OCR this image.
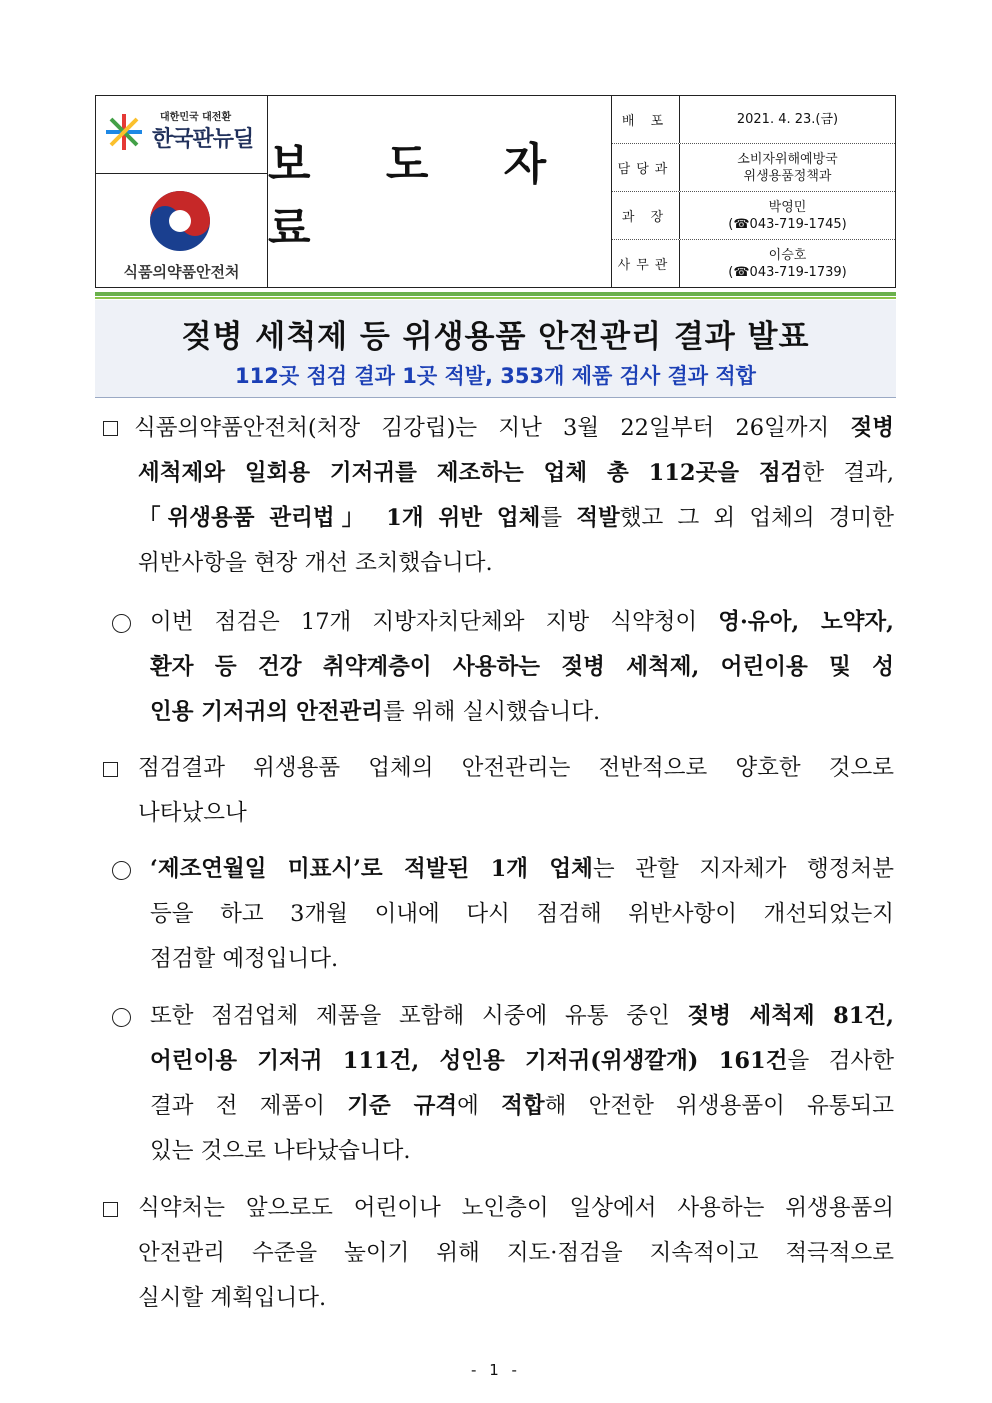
대한민국 대전환
한국판뉴딜
식품의약품안전처
보 도 자 료
배 포	2021. 4. 23.(금)
담당과
소비자위해예방국
위생용품정책과
과 장
박영민
(☎043-719-1745)
사무관
이승호
(☎043-719-1739)
젖병 세척제 등 위생용품 안전관리 결과 발표
112곳 점검 결과 1곳 적발, 353개 제품 검사 결과 적합

식품의약품안전처(처장 김강립)는 지난 3월 22일부터 26일까지 젖병

세척제와 일회용 기저귀를 제조하는 업체 총 112곳을 점검한 결과,

「위생용품 관리법」 1개 위반 업체를 적발했고 그 외 업체의 경미한

위반사항을 현장 개선 조치했습니다.

이번 점검은 17개 지방자치단체와 지방 식약청이 영·유아, 노약자,

환자 등 건강 취약계층이 사용하는 젖병 세척제, 어린이용 및 성

인용 기저귀의 안전관리를 위해 실시했습니다.

점검결과 위생용품 업체의 안전관리는 전반적으로 양호한 것으로

나타났으나

‘제조연월일 미표시’로 적발된 1개 업체는 관할 지자체가 행정처분

등을 하고 3개월 이내에 다시 점검해 위반사항이 개선되었는지

점검할 예정입니다.

또한 점검업체 제품을 포함해 시중에 유통 중인 젖병 세척제 81건,

어린이용 기저귀 111건, 성인용 기저귀(위생깔개) 161건을 검사한

결과 전 제품이 기준 규격에 적합해 안전한 위생용품이 유통되고

있는 것으로 나타났습니다.

식약처는 앞으로도 어린이나 노인층이 일상에서 사용하는 위생용품의

안전관리 수준을 높이기 위해 지도·점검을 지속적이고 적극적으로

실시할 계획입니다.

- 1 -
